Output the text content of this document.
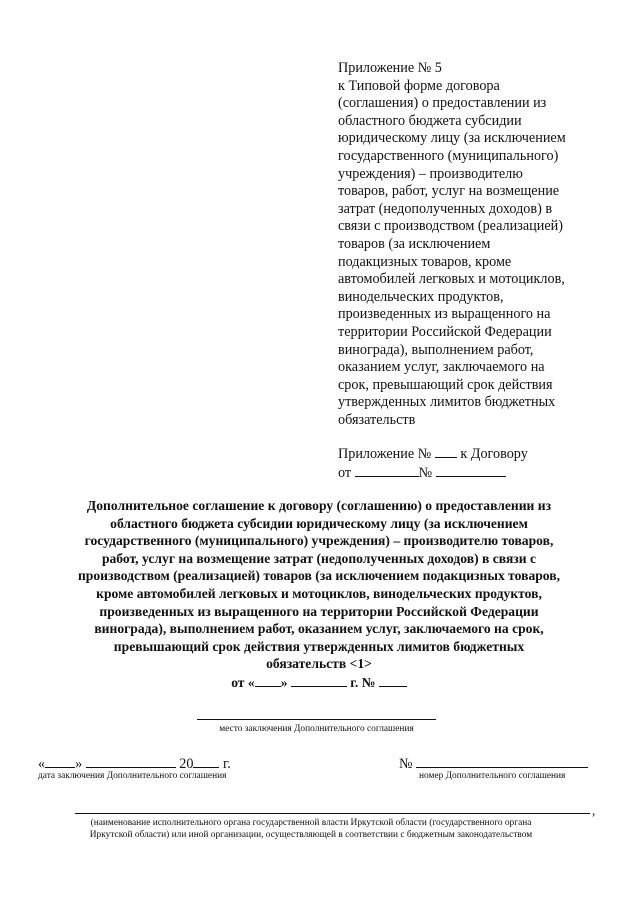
Приложение № 5
к Типовой форме договора
(соглашения) о предоставлении из
областного бюджета субсидии
юридическому лицу (за исключением
государственного (муниципального)
учреждения) – производителю
товаров, работ, услуг на возмещение
затрат (недополученных доходов) в
связи с производством (реализацией)
товаров (за исключением
подакцизных товаров, кроме
автомобилей легковых и мотоциклов,
винодельческих продуктов,
произведенных из выращенного на
территории Российской Федерации
винограда), выполнением работ,
оказанием услуг, заключаемого на
срок, превышающий срок действия
утвержденных лимитов бюджетных
обязательств
Приложение № к Договору
от	№
Дополнительное соглашение к договору (соглашению) о предоставлении из
областного бюджета субсидии юридическому лицу (за исключением
государственного (муниципального) учреждения) – производителю товаров,
работ, услуг на возмещение затрат (недополученных доходов) в связи с
производством (реализацией) товаров (за исключением подакцизных товаров,
кроме автомобилей легковых и мотоциклов, винодельческих продуктов,
произведенных из выращенного на территории Российской Федерации
винограда), выполнением работ, оказанием услуг, заключаемого на срок,
превышающий срок действия утвержденных лимитов бюджетных
обязательств <1>
от « »	г. №
место заключения Дополнительного соглашения
« »	20 г.
дата заключения Дополнительного соглашения
№
номер Дополнительного соглашения
,
(наименование исполнительного органа государственной власти Иркутской области (государственного органа
Иркутской области) или иной организации, осуществляющей в соответствии с бюджетным законодательством
